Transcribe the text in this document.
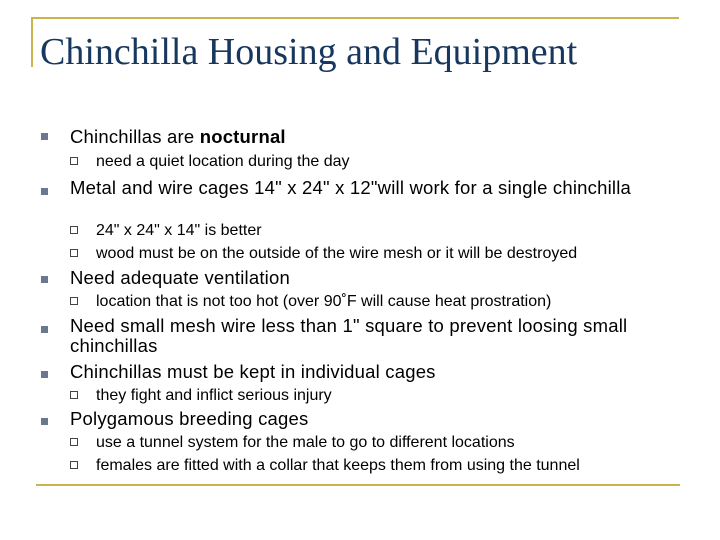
Chinchilla Housing and Equipment
Chinchillas are nocturnal
need a quiet location during the day
Metal and wire cages 14" x 24" x 12"will work for a single chinchilla
24" x 24" x 14" is better
wood must be on the outside of the wire mesh or it will be destroyed
Need adequate ventilation
location that is not too hot (over 90˚F will cause heat prostration)
Need small mesh wire less than 1" square to prevent loosing small chinchillas
Chinchillas must be kept in individual cages
they fight and inflict serious injury
Polygamous breeding cages
use a tunnel system for the male to go to different locations
females are fitted with a collar that keeps them from using the tunnel
